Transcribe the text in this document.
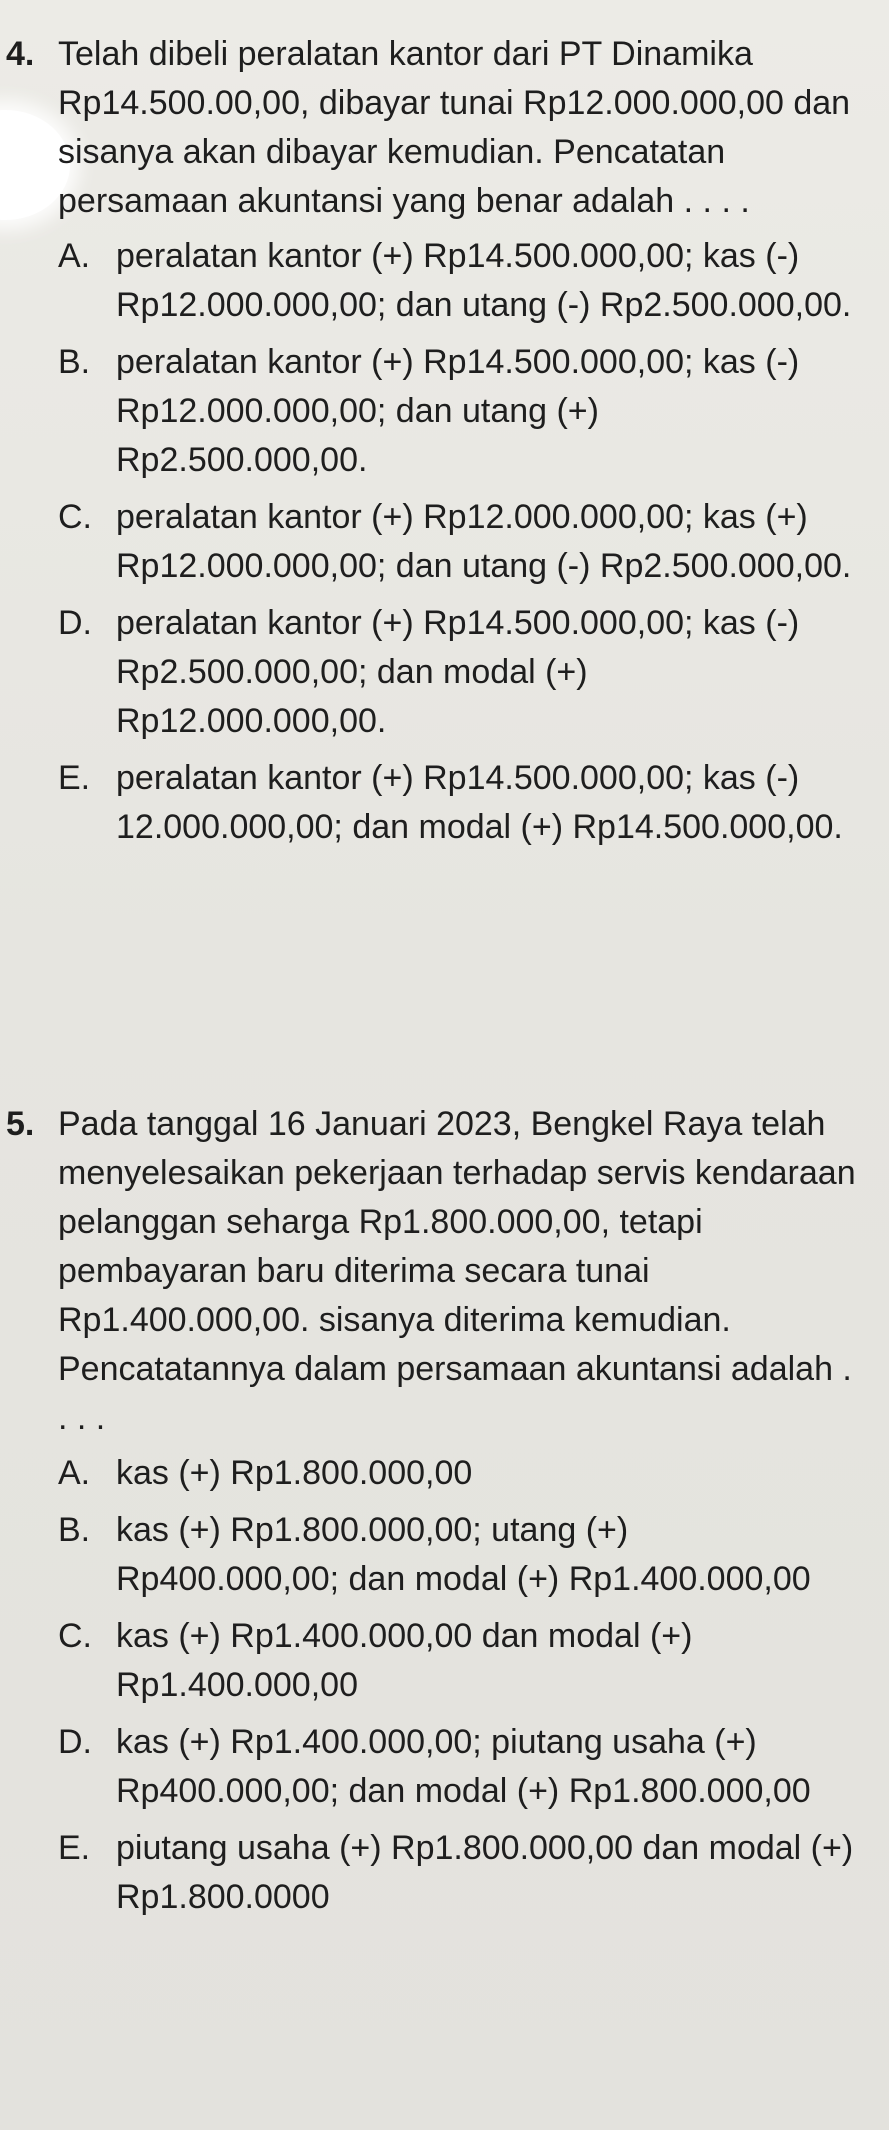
4. Telah dibeli peralatan kantor dari PT Dinamika Rp14.500.00,00, dibayar tunai Rp12.000.000,00 dan sisanya akan dibayar kemudian. Pencatatan persamaan akuntansi yang benar adalah . . . .

A. peralatan kantor (+) Rp14.500.000,00; kas (-) Rp12.000.000,00; dan utang (-) Rp2.500.000,00.
B. peralatan kantor (+) Rp14.500.000,00; kas (-) Rp12.000.000,00; dan utang (+) Rp2.500.000,00.
C. peralatan kantor (+) Rp12.000.000,00; kas (+) Rp12.000.000,00; dan utang (-) Rp2.500.000,00.
D. peralatan kantor (+) Rp14.500.000,00; kas (-) Rp2.500.000,00; dan modal (+) Rp12.000.000,00.
E. peralatan kantor (+) Rp14.500.000,00; kas (-) 12.000.000,00; dan modal (+) Rp14.500.000,00.
5. Pada tanggal 16 Januari 2023, Bengkel Raya telah menyelesaikan pekerjaan terhadap servis kendaraan pelanggan seharga Rp1.800.000,00, tetapi pembayaran baru diterima secara tunai Rp1.400.000,00. sisanya diterima kemudian. Pencatatannya dalam persamaan akuntansi adalah . . . .

A. kas (+) Rp1.800.000,00
B. kas (+) Rp1.800.000,00; utang (+) Rp400.000,00; dan modal (+) Rp1.400.000,00
C. kas (+) Rp1.400.000,00 dan modal (+) Rp1.400.000,00
D. kas (+) Rp1.400.000,00; piutang usaha (+) Rp400.000,00; dan modal (+) Rp1.800.000,00
E. piutang usaha (+) Rp1.800.000,00 dan modal (+) Rp1.800.0000
